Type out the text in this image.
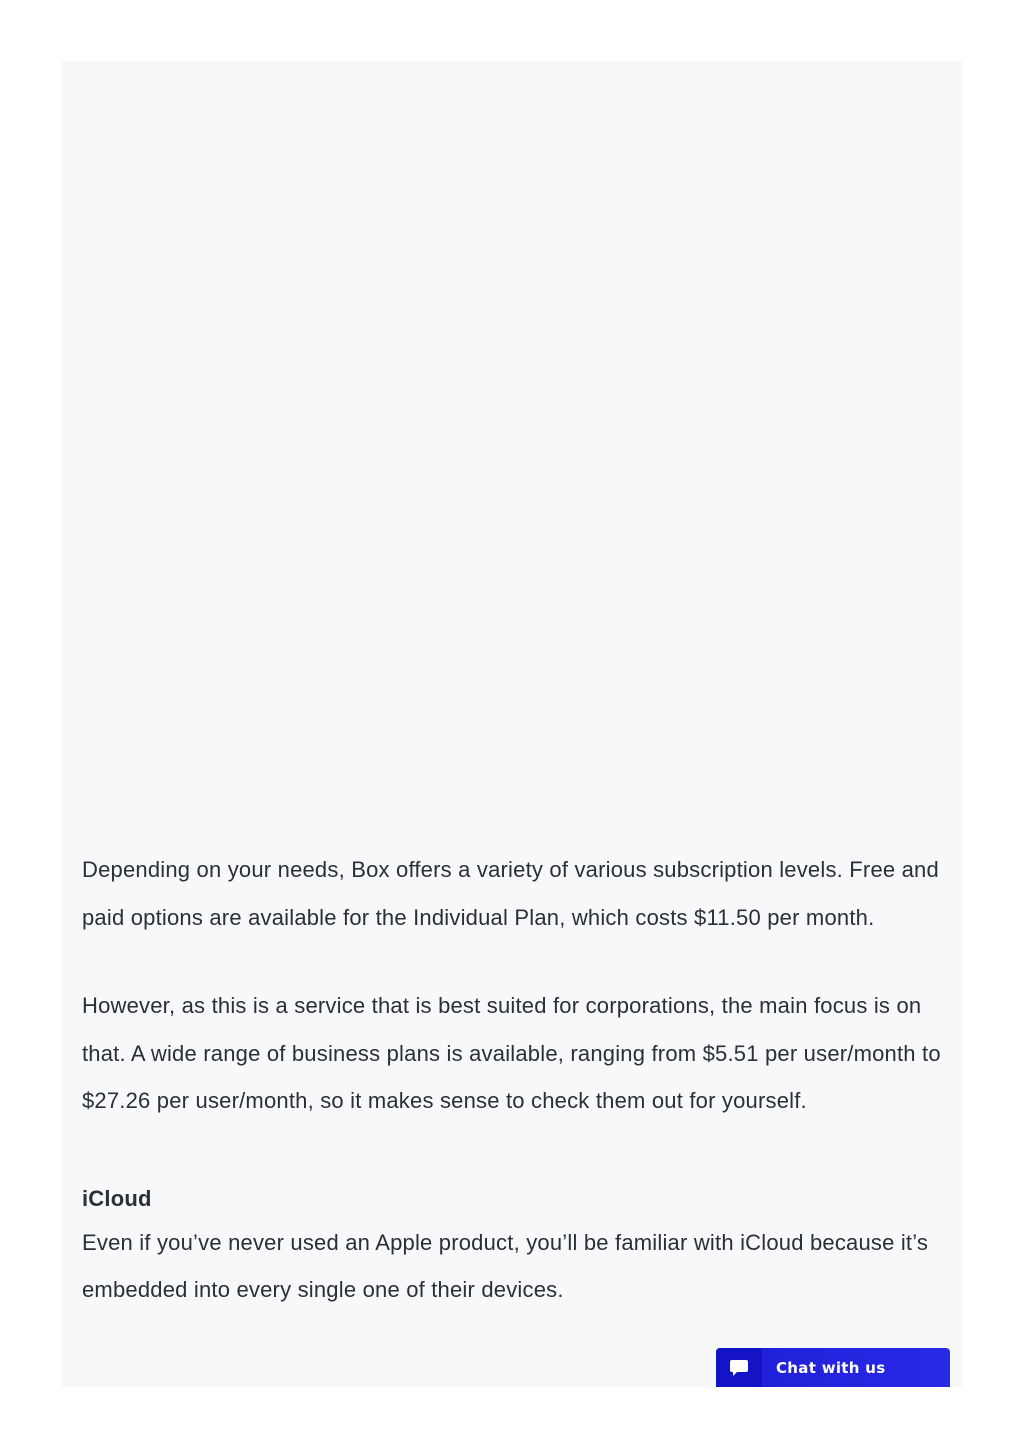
Depending on your needs, Box offers a variety of various subscription levels. Free and paid options are available for the Individual Plan, which costs $11.50 per month.

However, as this is a service that is best suited for corporations, the main focus is on that. A wide range of business plans is available, ranging from $5.51 per user/month to $27.26 per user/month, so it makes sense to check them out for yourself.

iCloud

Even if you’ve never used an Apple product, you’ll be familiar with iCloud because it’s embedded into every single one of their devices.

Chat with us
